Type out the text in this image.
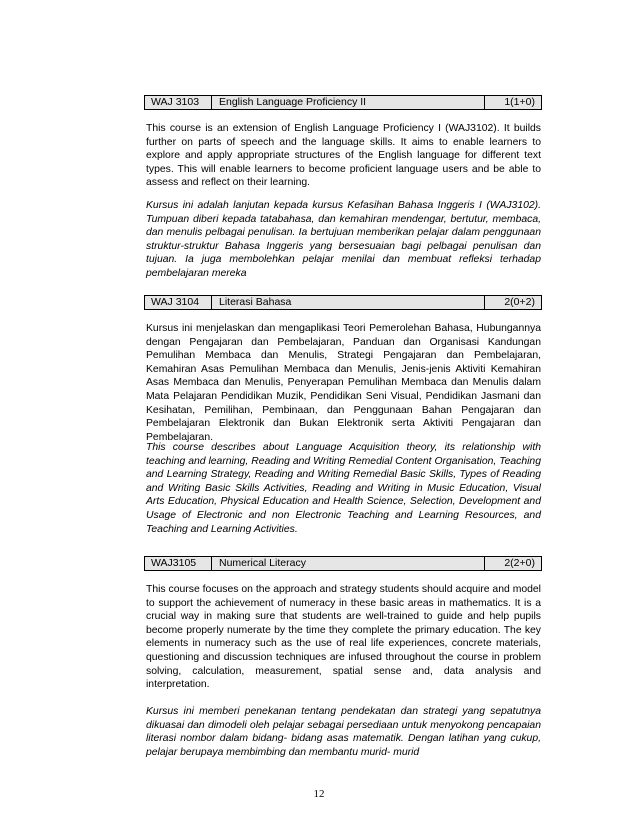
WAJ 3103	English Language Proficiency II	1(1+0)

This course is an extension of English Language Proficiency I (WAJ3102). It builds further on parts of speech and the language skills. It aims to enable learners to explore and apply appropriate structures of the English language for different text types. This will enable learners to become proficient language users and be able to assess and reflect on their learning.

Kursus ini adalah lanjutan kepada kursus Kefasihan Bahasa Inggeris I (WAJ3102). Tumpuan diberi kepada tatabahasa, dan kemahiran mendengar, bertutur, membaca, dan menulis pelbagai penulisan. Ia bertujuan memberikan pelajar dalam penggunaan struktur-struktur Bahasa Inggeris yang bersesuaian bagi pelbagai penulisan dan tujuan. Ia juga membolehkan pelajar menilai dan membuat refleksi terhadap pembelajaran mereka

WAJ 3104	Literasi Bahasa	2(0+2)

Kursus ini menjelaskan dan mengaplikasi Teori Pemerolehan Bahasa, Hubungannya dengan Pengajaran dan Pembelajaran, Panduan dan Organisasi Kandungan Pemulihan Membaca dan Menulis, Strategi Pengajaran dan Pembelajaran, Kemahiran Asas Pemulihan Membaca dan Menulis, Jenis-jenis Aktiviti Kemahiran Asas Membaca dan Menulis, Penyerapan Pemulihan Membaca dan Menulis dalam Mata Pelajaran Pendidikan Muzik, Pendidikan Seni Visual, Pendidikan Jasmani dan Kesihatan, Pemilihan, Pembinaan, dan Penggunaan Bahan Pengajaran dan Pembelajaran Elektronik dan Bukan Elektronik serta Aktiviti Pengajaran dan Pembelajaran.

This course describes about Language Acquisition theory, its relationship with teaching and learning, Reading and Writing Remedial Content Organisation, Teaching and Learning Strategy, Reading and Writing Remedial Basic Skills, Types of Reading and Writing Basic Skills Activities, Reading and Writing in Music Education, Visual Arts Education, Physical Education and Health Science, Selection, Development and Usage of Electronic and non Electronic Teaching and Learning Resources, and Teaching and Learning Activities.

WAJ3105	Numerical Literacy	2(2+0)

This course focuses on the approach and strategy students should acquire and model to support the achievement of numeracy in these basic areas in mathematics. It is a crucial way in making sure that students are well-trained to guide and help pupils become properly numerate by the time they complete the primary education. The key elements in numeracy such as the use of real life experiences, concrete materials, questioning and discussion techniques are infused throughout the course in problem solving, calculation, measurement, spatial sense and, data analysis and interpretation.

Kursus ini memberi penekanan tentang pendekatan dan strategi yang sepatutnya dikuasai dan dimodeli oleh pelajar sebagai persediaan untuk menyokong pencapaian literasi nombor dalam bidang- bidang asas matematik. Dengan latihan yang cukup, pelajar berupaya membimbing dan membantu murid- murid

12
